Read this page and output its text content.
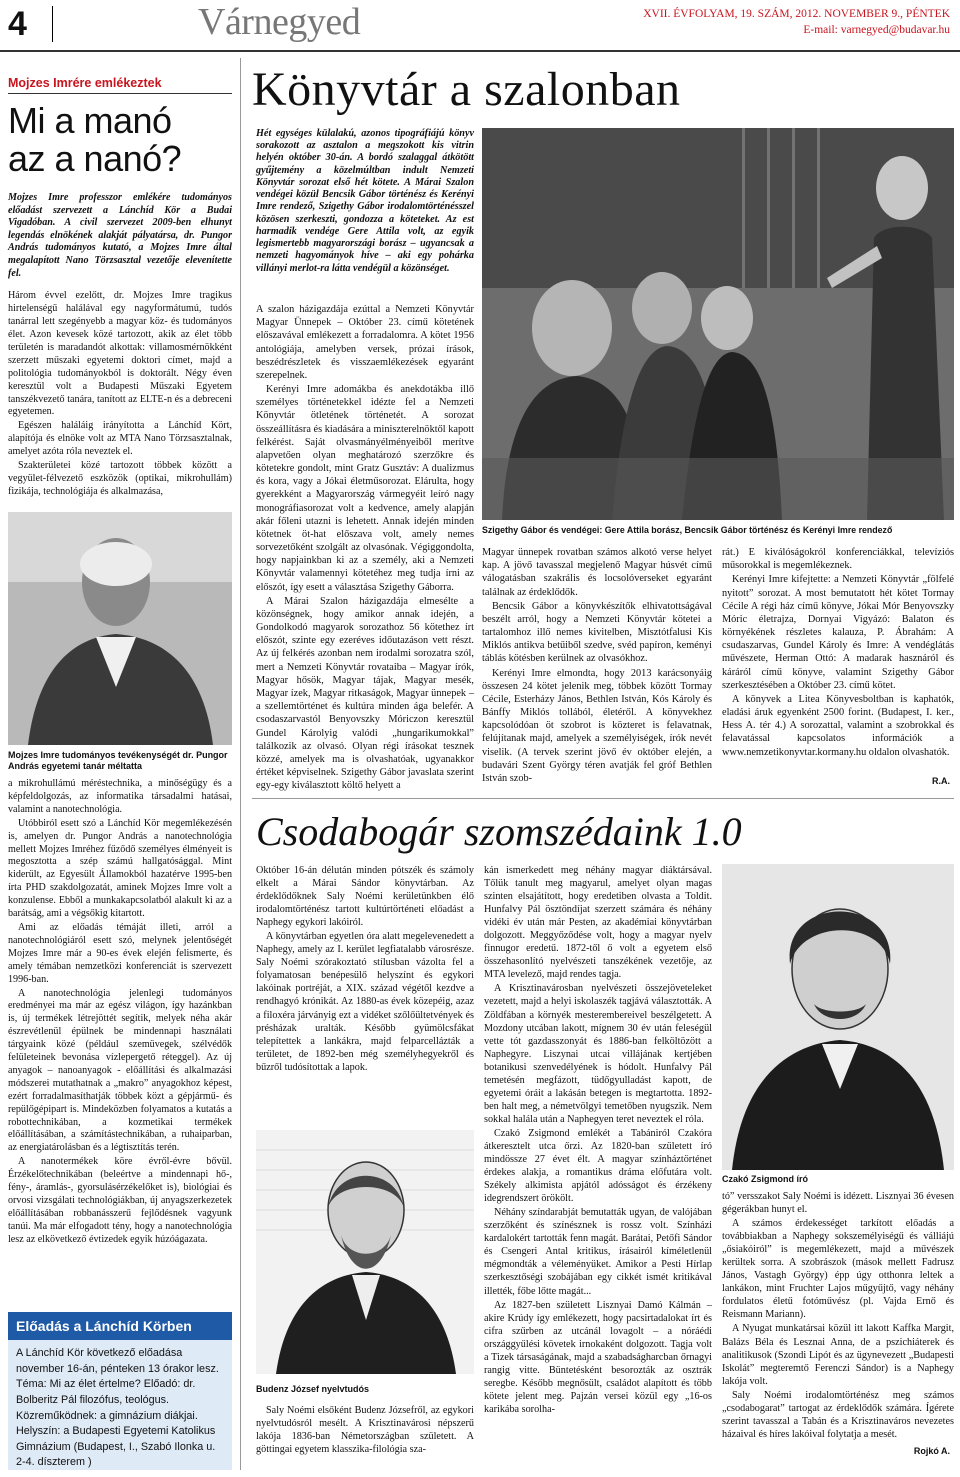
4	Várnegyed	XVII. ÉVFOLYAM, 19. SZÁM, 2012. NOVEMBER 9., PÉNTEK
E-mail: varnegyed@budavar.hu
Mojzes Imrére emlékeztek
Mi a manó
az a nanó?
Mojzes Imre professzor emlékére tudományos előadást szervezett a Lánchíd Kör a Budai Vigadóban. A civil szervezet 2009-ben elhunyt legendás elnökének alakját pályatársa, dr. Pungor András tudományos kutató, a Mojzes Imre által megalapított Nano Törzsasztal vezetője elevenítette fel.

Három évvel ezelőtt, dr. Mojzes Imre tragikus hirtelenségű halálával egy nagyformátumú, tudós tanárral lett szegényebb a magyar köz- és tudományos élet. Azon kevesek közé tartozott, akik az élet több területén is maradandót alkottak: villamosmérnökként szerzett műszaki egyetemi doktori címet, majd a politológia tudományokból is doktorált. Négy éven keresztül volt a Budapesti Műszaki Egyetem tanszékvezető tanára, tanított az ELTE-n és a debreceni egyetemen.

Egészen haláláig irányította a Lánchíd Kört, alapítója és elnöke volt az MTA Nano Törzsasztalnak, amelyet azóta róla neveztek el.

Szakterületei közé tartozott többek között a vegyület-félvezető eszközök (optikai, mikrohullám) fizikája, technológiája és alkalmazása,

Mojzes Imre tudományos tevékenységét dr. Pungor András egyetemi tanár méltatta

a mikrohullámú méréstechnika, a minőségügy és a képfeldolgozás, az informatika társadalmi hatásai, valamint a nanotechnológia.

Utóbbiról esett szó a Lánchíd Kör megemlékezésén is, amelyen dr. Pungor András a nanotechnológia mellett Mojzes Imréhez fűződő személyes élményeit is megosztotta a szép számú hallgatósággal. Mint kiderült, az Egyesült Államokból hazatérve 1995-ben írta PHD szakdolgozatát, aminek Mojzes Imre volt a konzulense. Ebből a munkakapcsolatból alakult ki az a barátság, ami a végsőkig kitartott.

Ami az előadás témáját illeti, arról a nanotechnológiáról esett szó, melynek jelentőségét Mojzes Imre már a 90-es évek elején felismerte, és amely témában nemzetközi konferenciát is szervezett 1996-ban.

A nanotechnológia jelenlegi tudományos eredményei ma már az egész világon, így hazánkban is, új termékek létrejöttét segítik, melyek néha akár észrevétlenül épülnek be mindennapi használati tárgyaink közé (például szemüvegek, szélvédők felületeinek bevonása vízlepergető réteggel). Az új anyagok – nanoanyagok - előállítási és alkalmazási módszerei mutathatnak a „makro” anyagokhoz képest, ezért forradalmasíthatják többek közt a gépjármű- és repülőgépipart is. Mindeközben folyamatos a kutatás a robottechnikában, a kozmetikai termékek előállításában, a számítástechnikában, a ruhaiparban, az energiatárolásban és a légtisztítás terén.

A nanotermékek köre évről-évre bővül. Érzékelőtechnikában (beleértve a mindennapi hő-, fény-, áramlás-, gyorsulásérzékelőket is), biológiai és orvosi vizsgálati technológiákban, új anyagszerkezetek előállításában robbanásszerű fejlődésnek vagyunk tanúi. Ma már elfogadott tény, hogy a nanotechnológia lesz az elkövetkező évtizedek egyik húzóágazata.

Előadás a Lánchíd Körben
A Lánchíd Kör következő előadása november 16-án, pénteken 13 órakor lesz. Téma: Mi az élet értelme? Előadó: dr. Bolberitz Pál filozófus, teológus. Közreműködnek: a gimnázium diákjai. Helyszín: a Budapesti Egyetemi Katolikus Gimnázium (Budapest, I., Szabó Ilonka u. 2-4. díszterem )
Könyvtár a szalonban
Hét egységes külalakú, azonos tipográfiájú könyv sorakozott az asztalon a megszokott kis vitrin helyén október 30-án. A bordó szalaggal átkötött gyűjtemény a közelmúltban indult Nemzeti Könyvtár sorozat első hét kötete. A Márai Szalon vendégei közül Bencsik Gábor történész és Kerényi Imre rendező, Szigethy Gábor irodalomtörténésszel közösen szerkeszti, gondozza a köteteket. Az est harmadik vendége Gere Attila volt, az egyik legismertebb magyarországi borász – ugyancsak a nemzeti hagyományok híve – aki egy pohárka villányi merlot-ra látta vendégül a közönséget.
Szigethy Gábor és vendégei: Gere Attila borász, Bencsik Gábor történész és Kerényi Imre rendező

A szalon házigazdája ezúttal a Nemzeti Könyvtár Magyar Ünnepek – Október 23. című kötetének előszavával emlékezett a forradalomra. A kötet 1956 antológiája, amelyben versek, prózai írások, beszédrészletek és visszaemlékezések egyaránt szerepelnek.

Kerényi Imre adomákba és anekdotákba illő személyes történetekkel idézte fel a Nemzeti Könyvtár ötletének történetét. A sorozat összeállításra és kiadására a miniszterelnöktől kapott felkérést. Saját olvasmányélményeiből merítve alapvetően olyan meghatározó szerzőkre és kötetekre gondolt, mint Gratz Gusztáv: A dualizmus és kora, vagy a Jókai életműsorozat. Elárulta, hogy gyerekként a Magyarország vármegyéit leíró nagy monográfiasorozat volt a kedvence, amely alapján akár főleni utazni is lehetett. Annak idején minden kötetnek öt-hat előszava volt, amely nemes sorvezetőként szolgált az olvasónak. Végiggondolta, hogy napjainkban ki az a személy, aki a Nemzeti Könyvtár valamennyi kötetéhez meg tudja írni az előszót, így esett a választása Szigethy Gáborra.

A Márai Szalon házigazdája elmesélte a közönségnek, hogy amikor annak idején, a Gondolkodó magyarok sorozathoz 56 kötethez írt előszót, szinte egy ezeréves időutazáson vett részt. Az új felkérés azonban nem irodalmi sorozatra szól, mert a Nemzeti Könyvtár rovataiba – Magyar írók, Magyar hősök, Magyar tájak, Magyar mesék, Magyar ízek, Magyar ritkaságok, Magyar ünnepek – a szellemtörténet és kultúra minden ága belefér. A csodaszarvastól Benyovszky Móriczon keresztül Gundel Károlyig valódi „hungarikumokkal” találkozik az olvasó. Olyan régi írásokat tesznek közzé, amelyek ma is olvashatóak, ugyanakkor értéket képviselnek. Szigethy Gábor javaslata szerint egy-egy kiválasztott költő helyett a

Magyar ünnepek rovatban számos alkotó verse helyet kap. A jövő tavasszal megjelenő Magyar húsvét című válogatásban szakrális és locsolóverseket egyaránt találnak az érdeklődők.

Bencsik Gábor a könyvkészítők elhivatottságával beszélt arról, hogy a Nemzeti Könyvtár kötetei a tartalomhoz illő nemes kivitelben, Misztótfalusi Kis Miklós antikva betűiből szedve, svéd papíron, keményi táblás kötésben kerülnek az olvasókhoz.

Kerényi Imre elmondta, hogy 2013 karácsonyáig összesen 24 kötet jelenik meg, többek között Tormay Cécile, Esterházy János, Bethlen István, Kós Károly és Bánffy Miklós tollából, életéről. A könyvekhez kapcsolódóan öt szobrot is közteret is felavatnak, felújítanak majd, amelyek a személyiségek, írók nevét viselik. (A tervek szerint jövő év október elején, a budavári Szent György téren avatják fel gróf Bethlen István szob-

rát.) E kiválóságokról konferenciákkal, televíziós műsorokkal is megemlékeznek.

Kerényi Imre kifejtette: a Nemzeti Könyvtár „fölfelé nyitott” sorozat. A most bemutatott hét kötet Tormay Cécile A régi ház című könyve, Jókai Mór Benyovszky Móric életrajza, Dornyai Vigyázó: Balaton és környékének részletes kalauza, P. Ábrahám: A csudaszarvas, Gundel Károly és Imre: A vendéglátás művészete, Herman Ottó: A madarak hasznáról és káráról című könyve, valamint Szigethy Gábor szerkesztésében a Október 23. című kötet.

A könyvek a Litea Könyvesboltban is kaphatók, eladási áruk egyenként 2500 forint. (Budapest, I. ker., Hess A. tér 4.) A sorozattal, valamint a szobrokkal és felavatással kapcsolatos információk a www.nemzetikonyvtar.kormany.hu oldalon olvashatók.

R.A.
Csodabogár szomszédaink 1.0

Október 16-án délután minden pótszék és számoly elkelt a Márai Sándor könyvtárban. Az érdeklődőknek Saly Noémi kerületünkben élő irodalomtörténész tartott kultúrtörténeti előadást a Naphegy egykori lakóiról.

A könyvtárban egyetlen óra alatt megelevenedett a Naphegy, amely az I. kerület legfiatalabb városrésze. Saly Noémi szórakoztató stílusban vázolta fel a folyamatosan benépesülő helyszínt és egykori lakóinak portréját, a XIX. század végétől kezdve a rendhagyó krónikát. Az 1880-as évek közepéig, azaz a filoxéra járványig ezt a vidéket szőlőültetvények és présházak uralták. Később gyümölcsfákat telepítettek a lankákra, majd felparcellázták a területet, de 1892-ben még személyhegyekről és bűzről tudósítottak a lapok.

Budenz József nyelvtudós

Saly Noémi elsőként Budenz Józsefről, az egykori nyelvtudósról mesélt. A Krisztinavárosi népszerű lakója 1836-ban Németországban született. A göttingai egyetem klasszika-filológia sza-

kán ismerkedett meg néhány magyar diáktársával. Tőlük tanult meg magyarul, amelyet olyan magas szinten elsajátított, hogy eredetiben olvasta a Toldit. Hunfalvy Pál ösztöndíjat szerzett számára és néhány vidéki év után már Pesten, az akadémiai könyvtárban dolgozott. Meggyőződése volt, hogy a magyar nyelv finnugor eredetű. 1872-től ő volt a egyetem első összehasonlító nyelvészeti tanszékének vezetője, az MTA levelező, majd rendes tagja.

A Krisztinavárosban nyelvészeti összejöveteleket vezetett, majd a helyi iskolaszék tagjává választották. A Zöldfában a környék mesterembereivel beszélgetett. A Mozdony utcában lakott, mígnem 30 év után feleségül vette tót gazdasszonyát és 1886-ban felköltözött a Naphegyre. Liszynai utcai villájának kertjében botanikusi szenvedélyének is hódolt. Hunfalvy Pál temetésén megfázott, tüdőgyulladást kapott, de egyetemi óráit a lakásán betegen is megtartotta. 1892-ben halt meg, a németvölgyi temetőben nyugszik. Nem sokkal halála után a Naphegyen teret neveztek el róla.

Czakó Zsigmond emlékét a Tabániról Czakóra átkeresztelt utca őrzi. Az 1820-ban született író mindössze 27 évet élt. A magyar színháztörténet érdekes alakja, a romantikus dráma előfutára volt. Székely alkimista apjától adósságot és érzékeny idegrendszert örökölt.

Néhány színdarabját bemutatták ugyan, de valójában szerzőként és színésznek is rossz volt. Színházi kardalokért tartották fenn magát. Barátai, Petőfi Sándor és Csengeri Antal kritikus, írásairól kíméletlenül mégmondták a véleményüket. Amikor a Pesti Hírlap szerkesztőségi szobájában egy cikkét ismét kritikával illették, főbe lőtte magát...

Az 1827-ben született Lisznyai Damó Kálmán – akire Krúdy így emlékezett, hogy pacsirtadalokat írt és cifra szűrben az utcánál lovagolt – a nóráédi országgyűlési követek irnokaként dolgozott. Tagja volt a Tizek társaságának, majd a szabadságharcban őrnagyi rangig vitte. Büntetésként besorozták az osztrák seregbe. Később megnősült, családot alapított és több kötete jelent meg. Pajzán versei közül egy „16-os karikába sorolha-

Czakó Zsigmond író

tó” versszakot Saly Noémi is idézett. Lisznyai 36 évesen gégerákban hunyt el.

A számos érdekességet tarkított előadás a továbbiakban a Naphegy sokszemélyiségű és válliájú „ősiakóiról” is megemlékezett, majd a művészek kerültek sorra. A szobrászok (mások mellett Fadrusz János, Vastagh György) épp úgy otthonra leltek a lankákon, mint Fruchter Lajos műgyűjtő, vagy néhány fordulatos életű fotóművész (pl. Vajda Ernő és Reismann Mariann).

A Nyugat munkatársai közül itt lakott Kaffka Margit, Balázs Béla és Lesznai Anna, de a pszichiáterek és analitikusok (Szondi Lipót és az ügynevezett „Budapesti Iskolát” megteremtő Ferenczi Sándor) is a Naphegy lakója volt.

Saly Noémi irodalomtörténész meg számos „csodabogarat” tartogat az érdeklődők számára. Ígérete szerint tavasszal a Tabán és a Krisztinaváros nevezetes házaival és híres lakóival folytatja a mesét.

Rojkó A.
